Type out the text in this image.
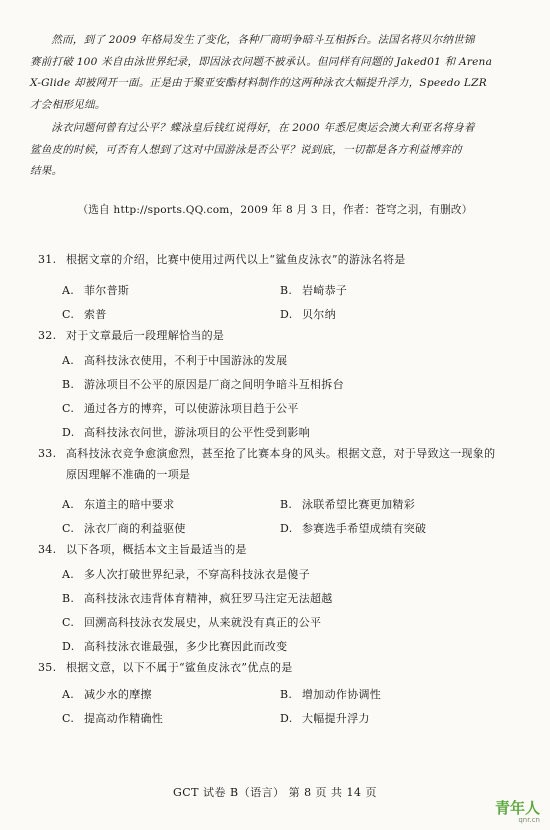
然而，到了 2009 年格局发生了变化，各种厂商明争暗斗互相拆台。法国名将贝尔纳世锦
赛前打破 100 米自由泳世界纪录，即因泳衣问题不被承认。但同样有问题的 Jaked01 和 Arena
X-Glide 却被网开一面。正是由于聚亚安酯材料制作的这两种泳衣大幅提升浮力，Speedo LZR
才会相形见绌。
泳衣问题何曾有过公平？蝶泳皇后钱红说得好，在 2000 年悉尼奥运会澳大利亚名将身着
鲨鱼皮的时候，可否有人想到了这对中国游泳是否公平？说到底，一切都是各方利益博弈的
结果。
（选自 http://sports.QQ.com，2009 年 8 月 3 日，作者：苍穹之羽，有删改）
31. 根据文章的介绍，比赛中使用过两代以上“鲨鱼皮泳衣”的游泳名将是
A. 菲尔普斯	B. 岩崎恭子
C. 索普	D. 贝尔纳
32. 对于文章最后一段理解恰当的是
A. 高科技泳衣使用，不利于中国游泳的发展
B. 游泳项目不公平的原因是厂商之间明争暗斗互相拆台
C. 通过各方的博弈，可以使游泳项目趋于公平
D. 高科技泳衣问世，游泳项目的公平性受到影响
33. 高科技泳衣竞争愈演愈烈，甚至抢了比赛本身的风头。根据文意，对于导致这一现象的
原因理解不准确的一项是
A. 东道主的暗中要求	B. 泳联希望比赛更加精彩
C. 泳衣厂商的利益驱使	D. 参赛选手希望成绩有突破
34. 以下各项，概括本文主旨最适当的是
A. 多人次打破世界纪录，不穿高科技泳衣是傻子
B. 高科技泳衣违背体育精神，疯狂罗马注定无法超越
C. 回溯高科技泳衣发展史，从来就没有真正的公平
D. 高科技泳衣谁最强，多少比赛因此而改变
35. 根据文意，以下不属于“鲨鱼皮泳衣”优点的是
A. 减少水的摩擦	B. 增加动作协调性
C. 提高动作精确性	D. 大幅提升浮力
GCT 试卷 B（语言） 第 8 页 共 14 页
青年人
qnr.cn
